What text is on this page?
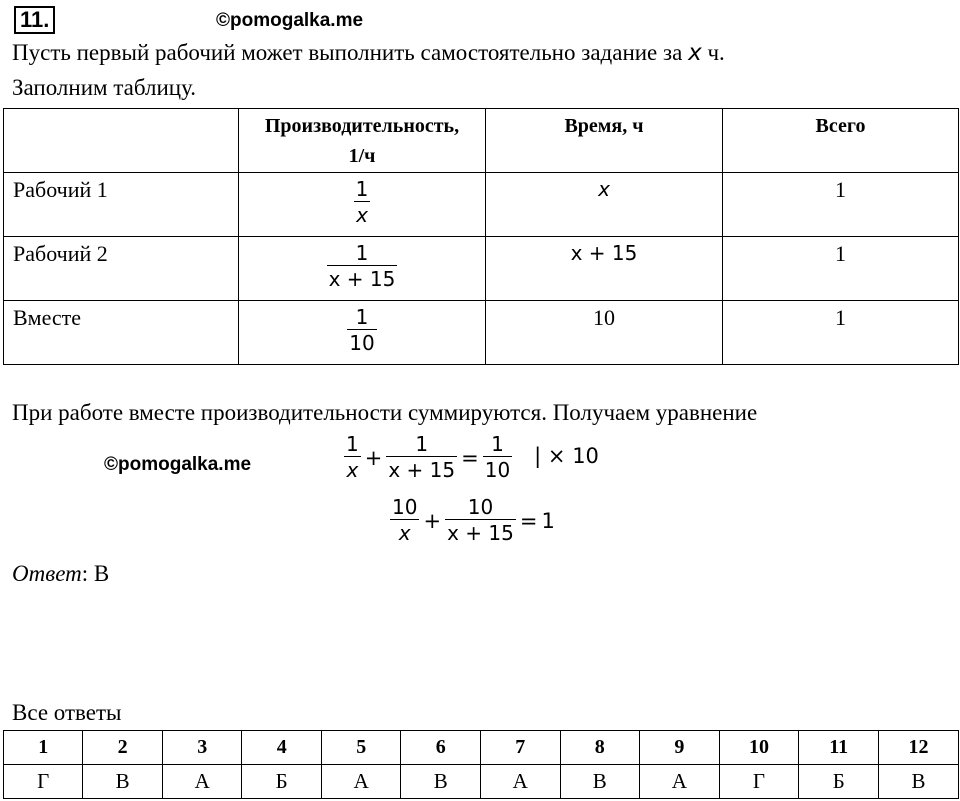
11.	©pomogalka.me
Пусть первый рабочий может выполнить самостоятельно задание за x ч.
Заполним таблицу.

	Производительность,
1/ч	Время, ч	Всего
Рабочий 1	$\frac{1}{x}$	x	1
Рабочий 2	$\frac{1}{x + 15}$	x + 15	1
Вместе	$\frac{1}{10}$	10	1
При работе вместе производительности суммируются. Получаем уравнение
©pomogalka.me	$\frac{1}{x} + \frac{1}{x + 15} = \frac{1}{10}$	| × 10
$\frac{10}{x} + \frac{10}{x + 15} = 1$
Ответ: В
Все ответы
1	2	3	4	5	6	7	8	9	10	11	12
Г	В	А	Б	А	В	А	В	А	Г	Б	В
